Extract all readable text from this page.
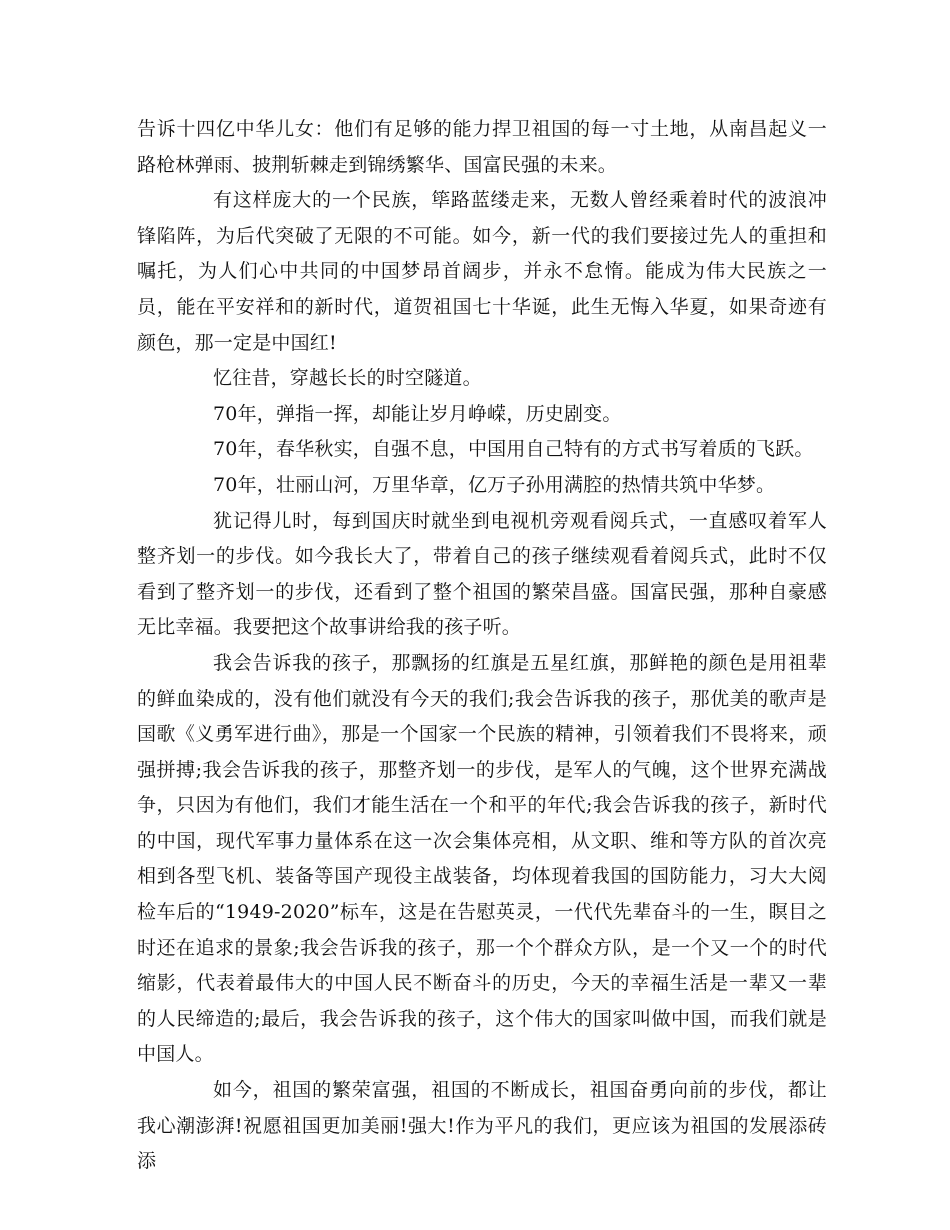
告诉十四亿中华儿女：他们有足够的能力捍卫祖国的每一寸土地，从南昌起义一路枪林弹雨、披荆斩棘走到锦绣繁华、国富民强的未来。

有这样庞大的一个民族，筚路蓝缕走来，无数人曾经乘着时代的波浪冲锋陷阵，为后代突破了无限的不可能。如今，新一代的我们要接过先人的重担和嘱托，为人们心中共同的中国梦昂首阔步，并永不怠惰。能成为伟大民族之一员，能在平安祥和的新时代，道贺祖国七十华诞，此生无悔入华夏，如果奇迹有颜色，那一定是中国红!

忆往昔，穿越长长的时空隧道。

70年，弹指一挥，却能让岁月峥嵘，历史剧变。

70年，春华秋实，自强不息，中国用自己特有的方式书写着质的飞跃。

70年，壮丽山河，万里华章，亿万子孙用满腔的热情共筑中华梦。

犹记得儿时，每到国庆时就坐到电视机旁观看阅兵式，一直感叹着军人整齐划一的步伐。如今我长大了，带着自己的孩子继续观看着阅兵式，此时不仅看到了整齐划一的步伐，还看到了整个祖国的繁荣昌盛。国富民强，那种自豪感无比幸福。我要把这个故事讲给我的孩子听。

我会告诉我的孩子，那飘扬的红旗是五星红旗，那鲜艳的颜色是用祖辈的鲜血染成的，没有他们就没有今天的我们;我会告诉我的孩子，那优美的歌声是国歌《义勇军进行曲》，那是一个国家一个民族的精神，引领着我们不畏将来，顽强拼搏;我会告诉我的孩子，那整齐划一的步伐，是军人的气魄，这个世界充满战争，只因为有他们，我们才能生活在一个和平的年代;我会告诉我的孩子，新时代的中国，现代军事力量体系在这一次会集体亮相，从文职、维和等方队的首次亮相到各型飞机、装备等国产现役主战装备，均体现着我国的国防能力，习大大阅检车后的“1949-2020”标车，这是在告慰英灵，一代代先辈奋斗的一生，瞑目之时还在追求的景象;我会告诉我的孩子，那一个个群众方队，是一个又一个的时代缩影，代表着最伟大的中国人民不断奋斗的历史，今天的幸福生活是一辈又一辈的人民缔造的;最后，我会告诉我的孩子，这个伟大的国家叫做中国，而我们就是中国人。

如今，祖国的繁荣富强，祖国的不断成长，祖国奋勇向前的步伐，都让我心潮澎湃!祝愿祖国更加美丽!强大!作为平凡的我们，更应该为祖国的发展添砖添
